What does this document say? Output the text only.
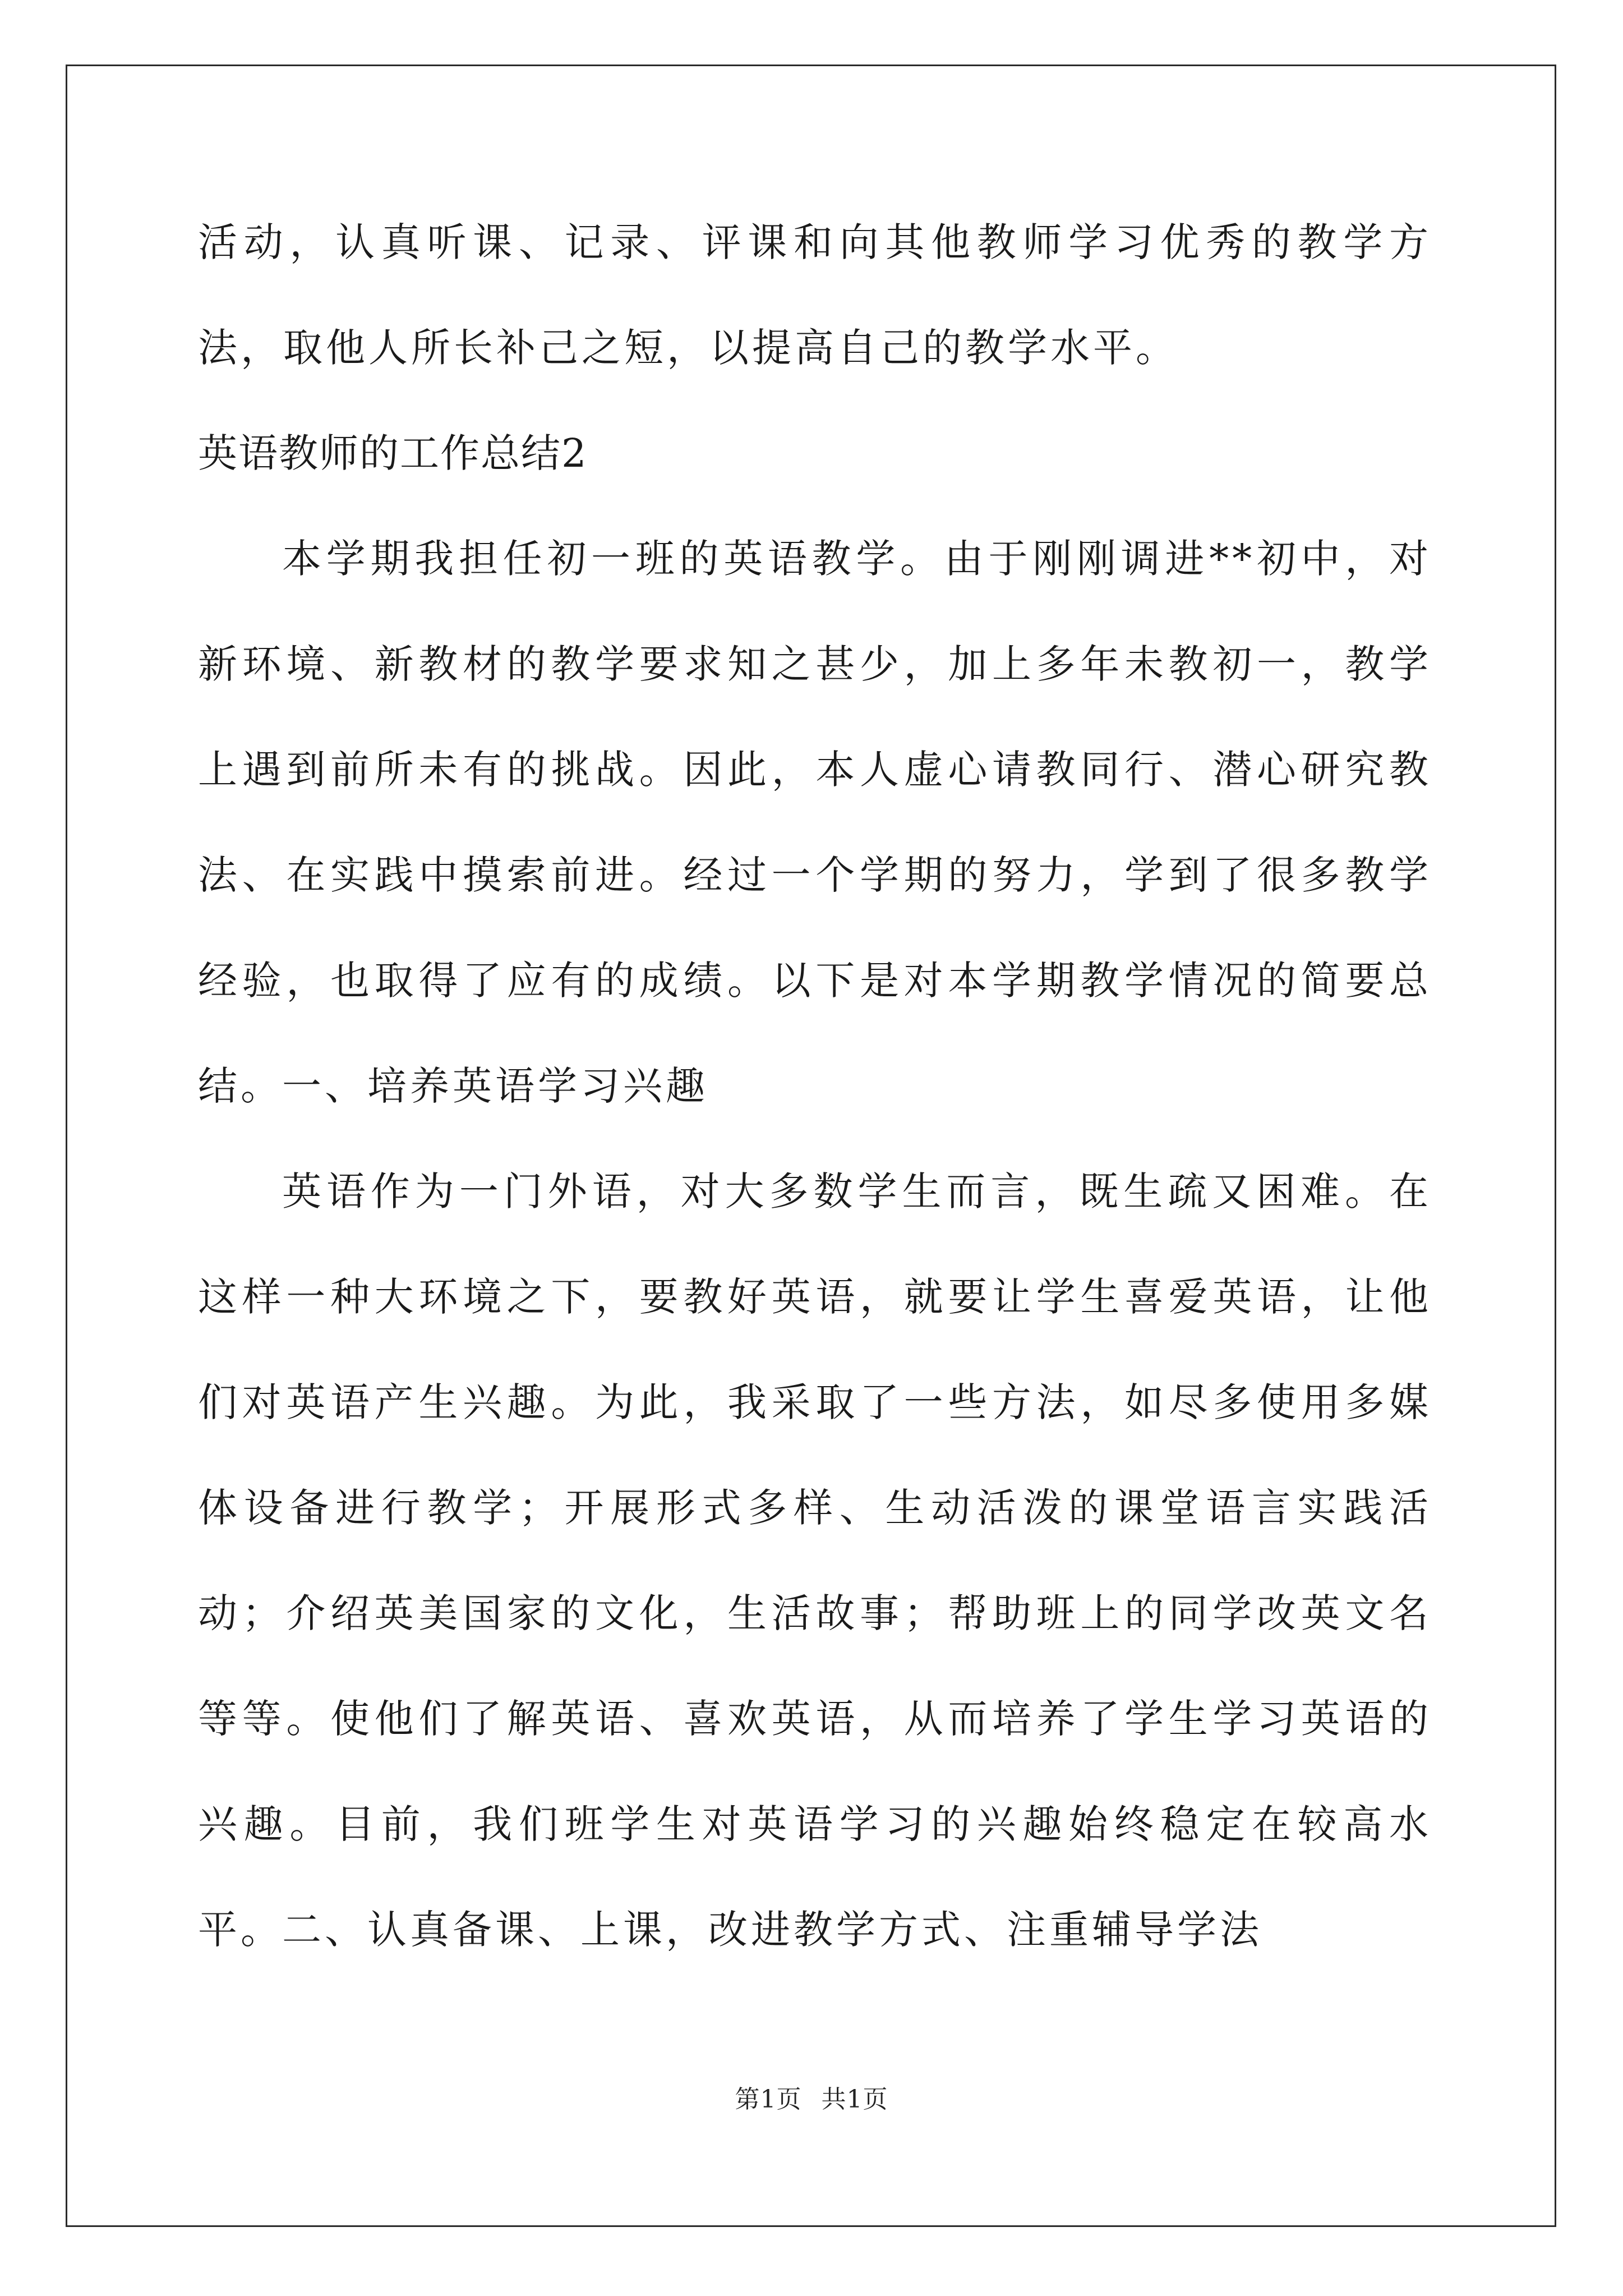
活动，认真听课、记录、评课和向其他教师学习优秀的教学方法，取他人所长补己之短，以提高自己的教学水平。

英语教师的工作总结2

本学期我担任初一班的英语教学。由于刚刚调进**初中，对新环境、新教材的教学要求知之甚少，加上多年未教初一，教学上遇到前所未有的挑战。因此，本人虚心请教同行、潜心研究教法、在实践中摸索前进。经过一个学期的努力，学到了很多教学经验，也取得了应有的成绩。以下是对本学期教学情况的简要总结。

一、培养英语学习兴趣

英语作为一门外语，对大多数学生而言，既生疏又困难。在这样一种大环境之下，要教好英语，就要让学生喜爱英语，让他们对英语产生兴趣。为此，我采取了一些方法，如尽多使用多媒体设备进行教学；开展形式多样、生动活泼的课堂语言实践活动；介绍英美国家的文化，生活故事；帮助班上的同学改英文名等等。使他们了解英语、喜欢英语，从而培养了学生学习英语的兴趣。目前，我们班学生对英语学习的兴趣始终稳定在较高水平。

二、认真备课、上课，改进教学方式、注重辅导学法

第1页 共1页
